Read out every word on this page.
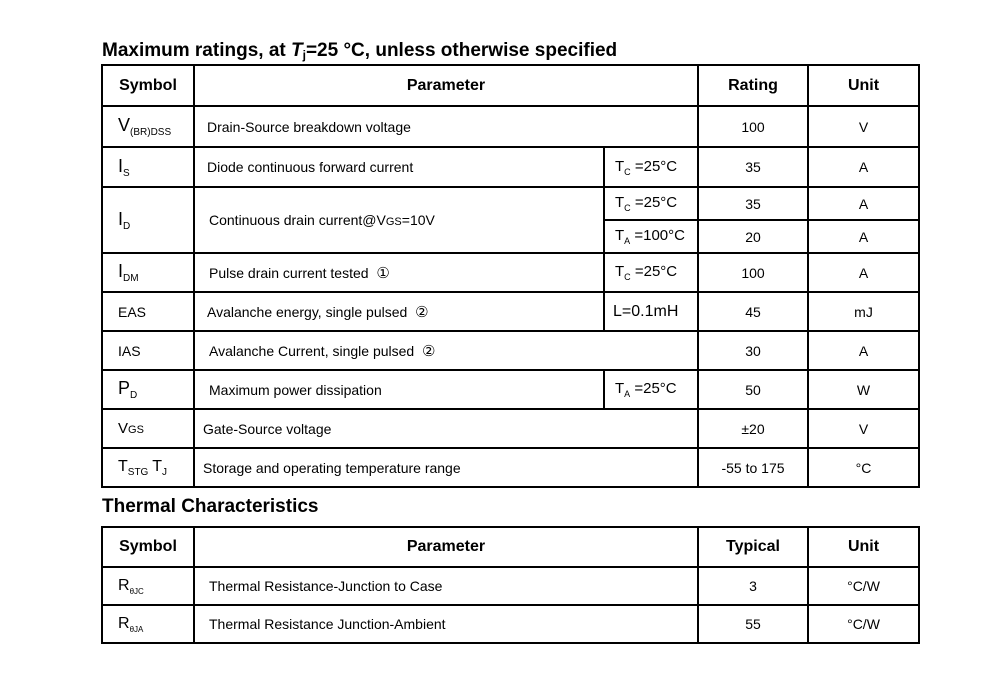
Maximum ratings, at Tj=25 °C, unless otherwise specified
Symbol	Parameter		Rating	Unit
$V_{(BR)DSS}$	Drain-Source breakdown voltage		100	V
$I_S$	Diode continuous forward current	$T_C =25^\circ C$	35	A
$I_D$	Continuous drain current@VGS=10V	$T_C =25^\circ C$	35	A
		$T_A =100^\circ C$	20	A
$I_{DM}$	Pulse drain current tested ①	$T_C =25^\circ C$	100	A
EAS	Avalanche energy, single pulsed ②	L=0.1mH	45	mJ
IAS	Avalanche Current, single pulsed ②		30	A
$P_D$	Maximum power dissipation	$T_A =25^\circ C$	50	W
VGS	Gate-Source voltage		±20	V
$T_{STG}$ $T_J$	Storage and operating temperature range		-55 to 175	°C
Thermal Characteristics
Symbol	Parameter	Typical	Unit
$R_{\theta JC}$	Thermal Resistance-Junction to Case	3	°C/W
$R_{\theta JA}$	Thermal Resistance Junction-Ambient	55	°C/W
